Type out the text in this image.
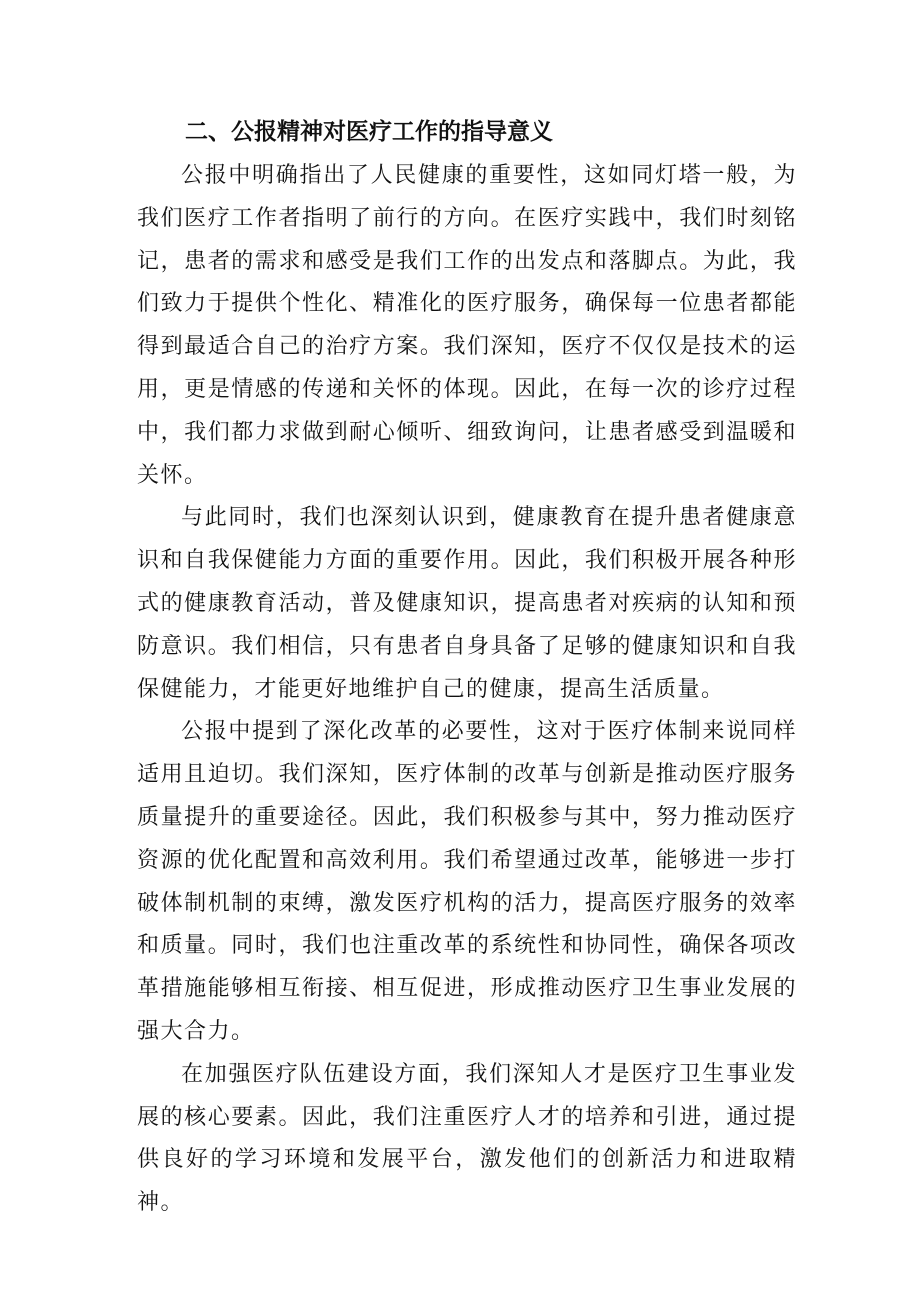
二、公报精神对医疗工作的指导意义

公报中明确指出了人民健康的重要性，这如同灯塔一般，为我们医疗工作者指明了前行的方向。在医疗实践中，我们时刻铭记，患者的需求和感受是我们工作的出发点和落脚点。为此，我们致力于提供个性化、精准化的医疗服务，确保每一位患者都能得到最适合自己的治疗方案。我们深知，医疗不仅仅是技术的运用，更是情感的传递和关怀的体现。因此，在每一次的诊疗过程中，我们都力求做到耐心倾听、细致询问，让患者感受到温暖和关怀。

与此同时，我们也深刻认识到，健康教育在提升患者健康意识和自我保健能力方面的重要作用。因此，我们积极开展各种形式的健康教育活动，普及健康知识，提高患者对疾病的认知和预防意识。我们相信，只有患者自身具备了足够的健康知识和自我保健能力，才能更好地维护自己的健康，提高生活质量。

公报中提到了深化改革的必要性，这对于医疗体制来说同样适用且迫切。我们深知，医疗体制的改革与创新是推动医疗服务质量提升的重要途径。因此，我们积极参与其中，努力推动医疗资源的优化配置和高效利用。我们希望通过改革，能够进一步打破体制机制的束缚，激发医疗机构的活力，提高医疗服务的效率和质量。同时，我们也注重改革的系统性和协同性，确保各项改革措施能够相互衔接、相互促进，形成推动医疗卫生事业发展的强大合力。

在加强医疗队伍建设方面，我们深知人才是医疗卫生事业发展的核心要素。因此，我们注重医疗人才的培养和引进，通过提供良好的学习环境和发展平台，激发他们的创新活力和进取精神。
